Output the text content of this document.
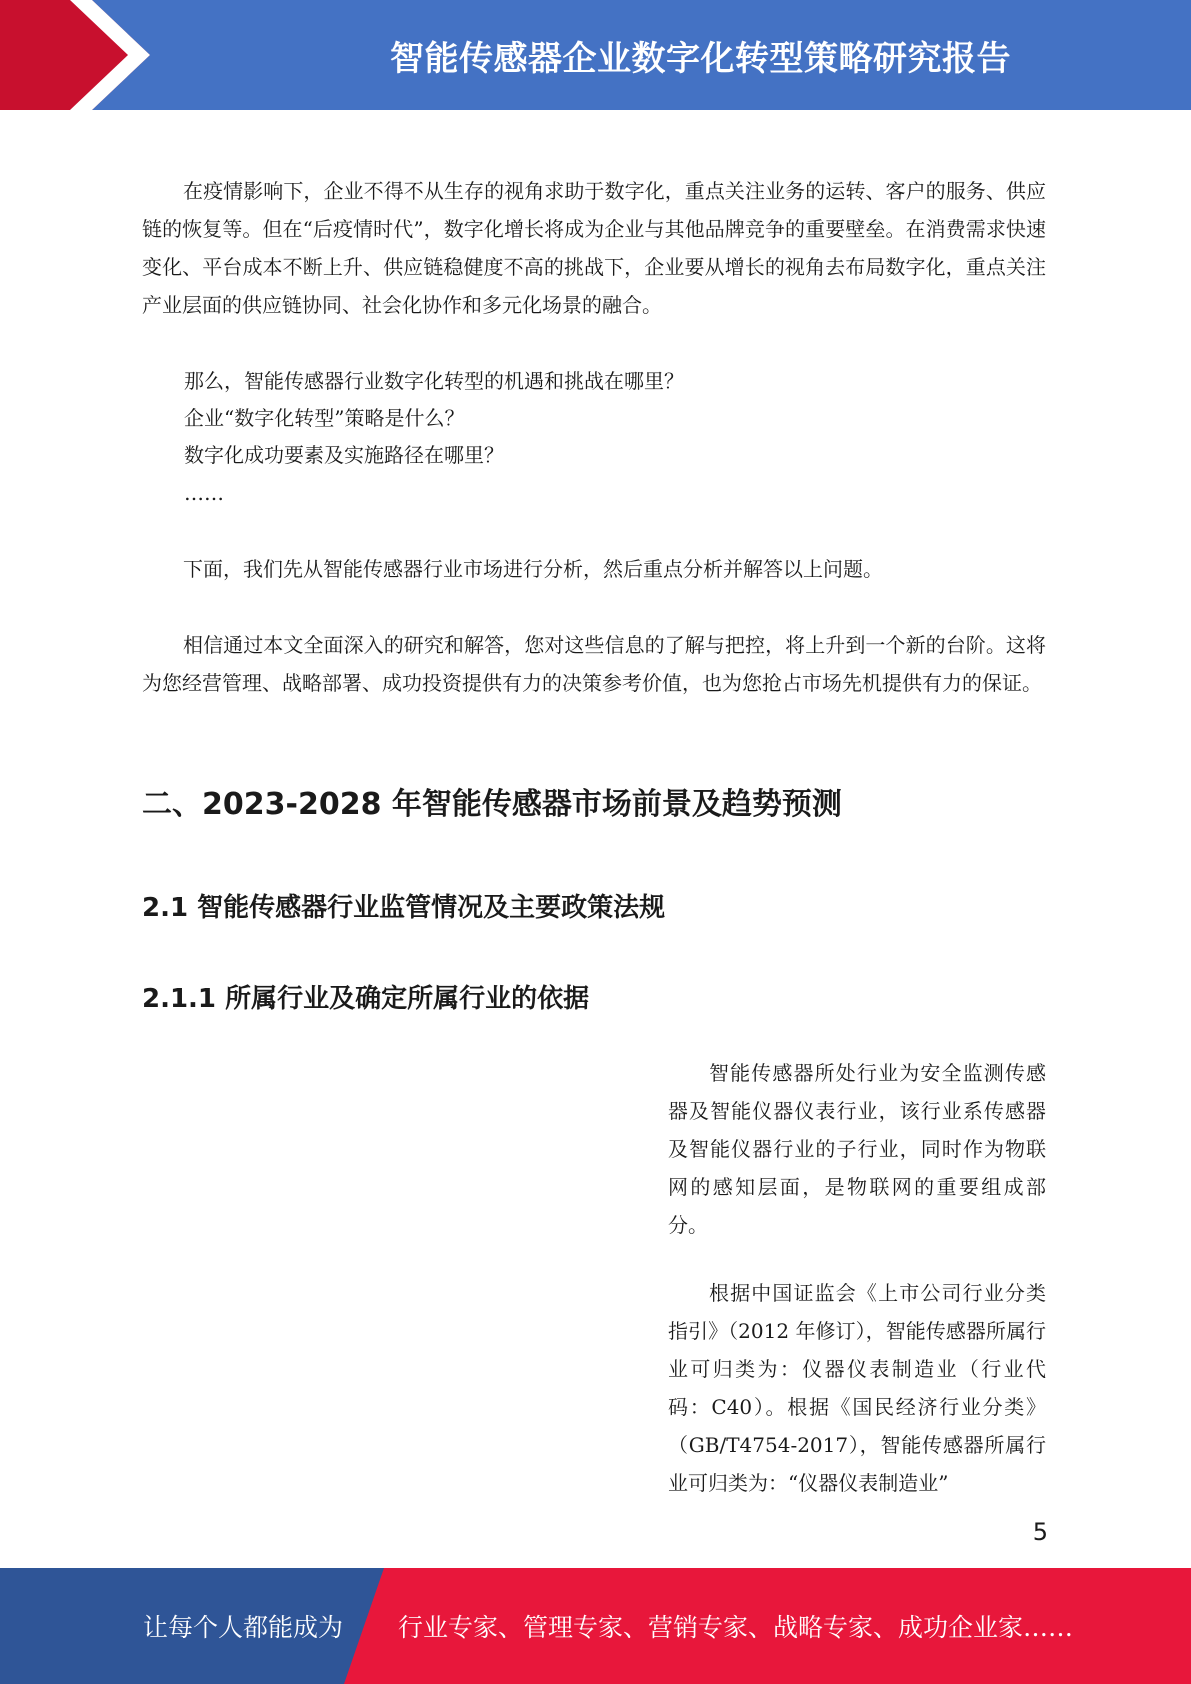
智能传感器企业数字化转型策略研究报告

在疫情影响下，企业不得不从生存的视角求助于数字化，重点关注业务的运转、客户的服务、供应链的恢复等。但在“后疫情时代”，数字化增长将成为企业与其他品牌竞争的重要壁垒。在消费需求快速变化、平台成本不断上升、供应链稳健度不高的挑战下，企业要从增长的视角去布局数字化，重点关注产业层面的供应链协同、社会化协作和多元化场景的融合。

那么，智能传感器行业数字化转型的机遇和挑战在哪里？

企业“数字化转型”策略是什么？

数字化成功要素及实施路径在哪里？

……

下面，我们先从智能传感器行业市场进行分析，然后重点分析并解答以上问题。

相信通过本文全面深入的研究和解答，您对这些信息的了解与把控，将上升到一个新的台阶。这将为您经营管理、战略部署、成功投资提供有力的决策参考价值，也为您抢占市场先机提供有力的保证。

二、2023-2028 年智能传感器市场前景及趋势预测
2.1 智能传感器行业监管情况及主要政策法规
2.1.1 所属行业及确定所属行业的依据

智能传感器所处行业为安全监测传感器及智能仪器仪表行业，该行业系传感器及智能仪器行业的子行业，同时作为物联网的感知层面，是物联网的重要组成部分。

根据中国证监会《上市公司行业分类指引》（2012 年修订），智能传感器所属行业可归类为：仪器仪表制造业（行业代码：C40）。根据《国民经济行业分类》（GB/T4754-2017），智能传感器所属行业可归类为：“仪器仪表制造业”

5
让每个人都能成为 行业专家、管理专家、营销专家、战略专家、成功企业家……
